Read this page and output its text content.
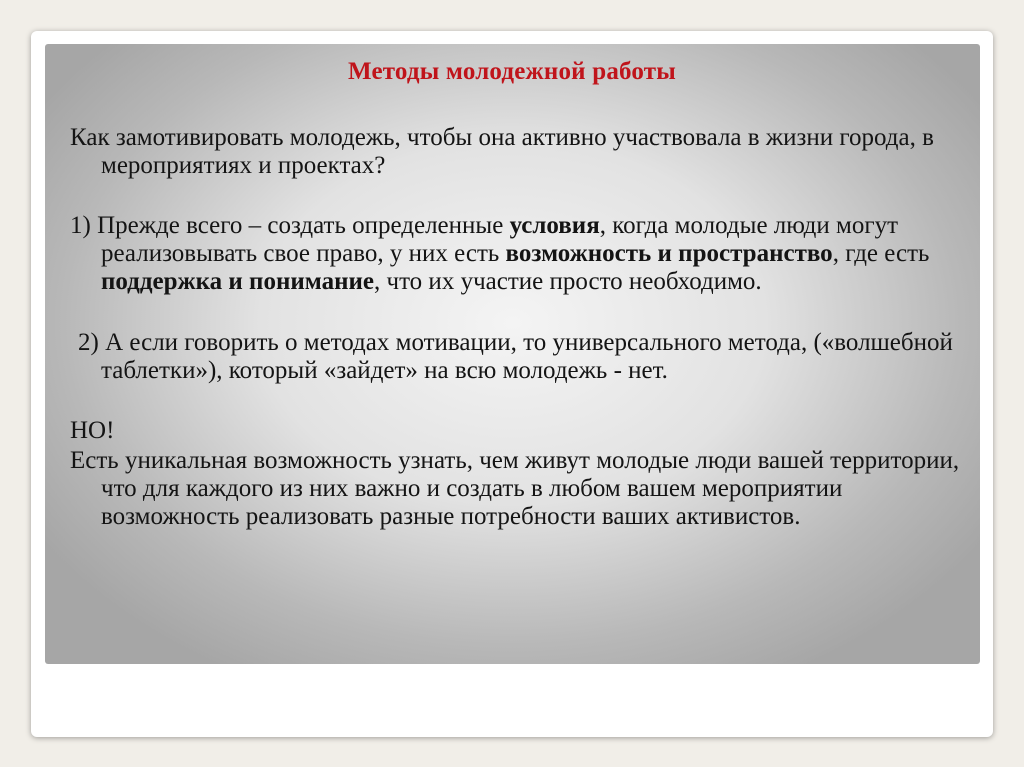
Методы молодежной работы

Как замотивировать молодежь, чтобы она активно участвовала в жизни города, в мероприятиях и проектах?

1) Прежде всего – создать определенные условия, когда молодые люди могут реализовывать свое право, у них есть возможность и пространство, где есть поддержка и понимание, что их участие просто необходимо.

2) А если говорить о методах мотивации, то универсального метода, («волшебной таблетки»), который «зайдет» на всю молодежь - нет.

НО!

Есть уникальная возможность узнать, чем живут молодые люди вашей территории, что для каждого из них важно и создать в любом вашем мероприятии возможность реализовать разные потребности ваших активистов.
